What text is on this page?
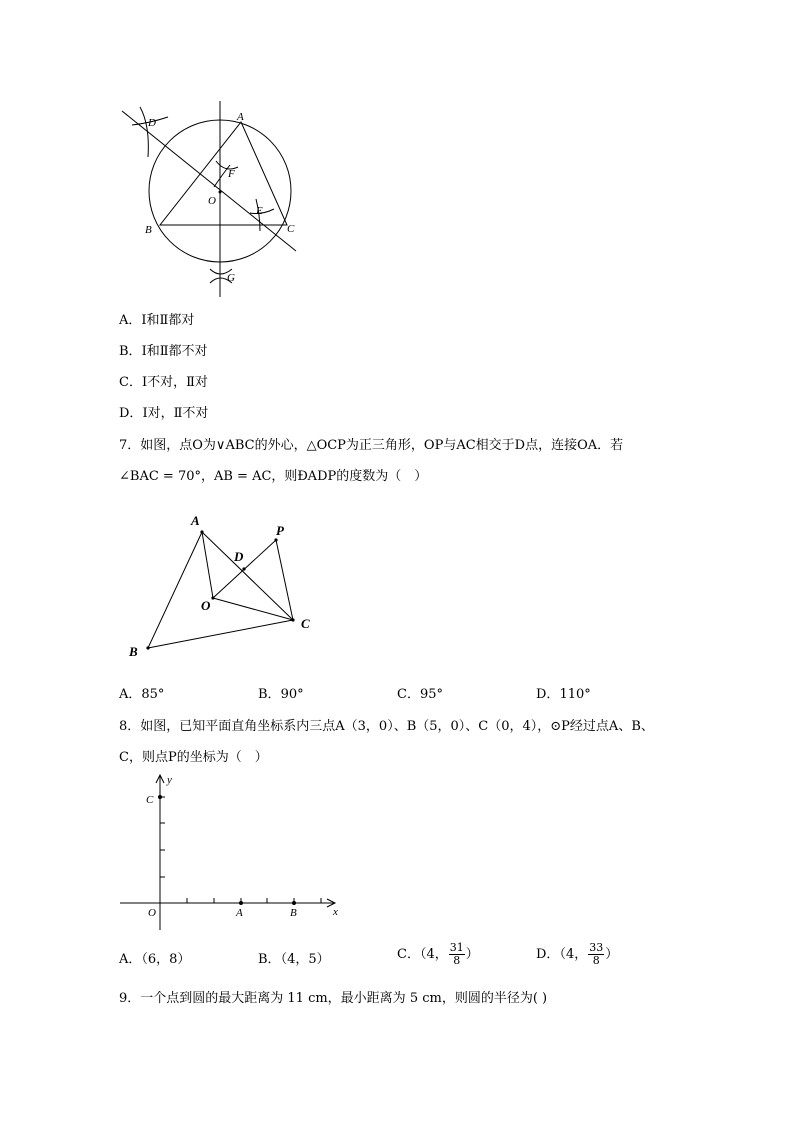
A
B	C
D
E
F
G
O
A．Ⅰ和Ⅱ都对
B．Ⅰ和Ⅱ都不对
C．Ⅰ不对，Ⅱ对
D．Ⅰ对，Ⅱ不对
7．如图，点O为∨ABC的外心，△OCP为正三角形，OP与AC相交于D点，连接OA．若
∠BAC = 70°，AB = AC，则ÐADP的度数为（　）
A
B
C
D
O
P
A．85°	B．90°	C．95°	D．110°
8．如图，已知平面直角坐标系内三点A（3，0）、B（5，0）、C（0，4），⊙P经过点A、B、
C，则点P的坐标为（　）
C
y
O	A	B	x
A．（6，8）	B．（4，5）	C．（4， $\frac{31}{8}$ ）	D．（4， $\frac{33}{8}$ ）
9．一个点到圆的最大距离为 11 cm，最小距离为 5 cm，则圆的半径为( )
